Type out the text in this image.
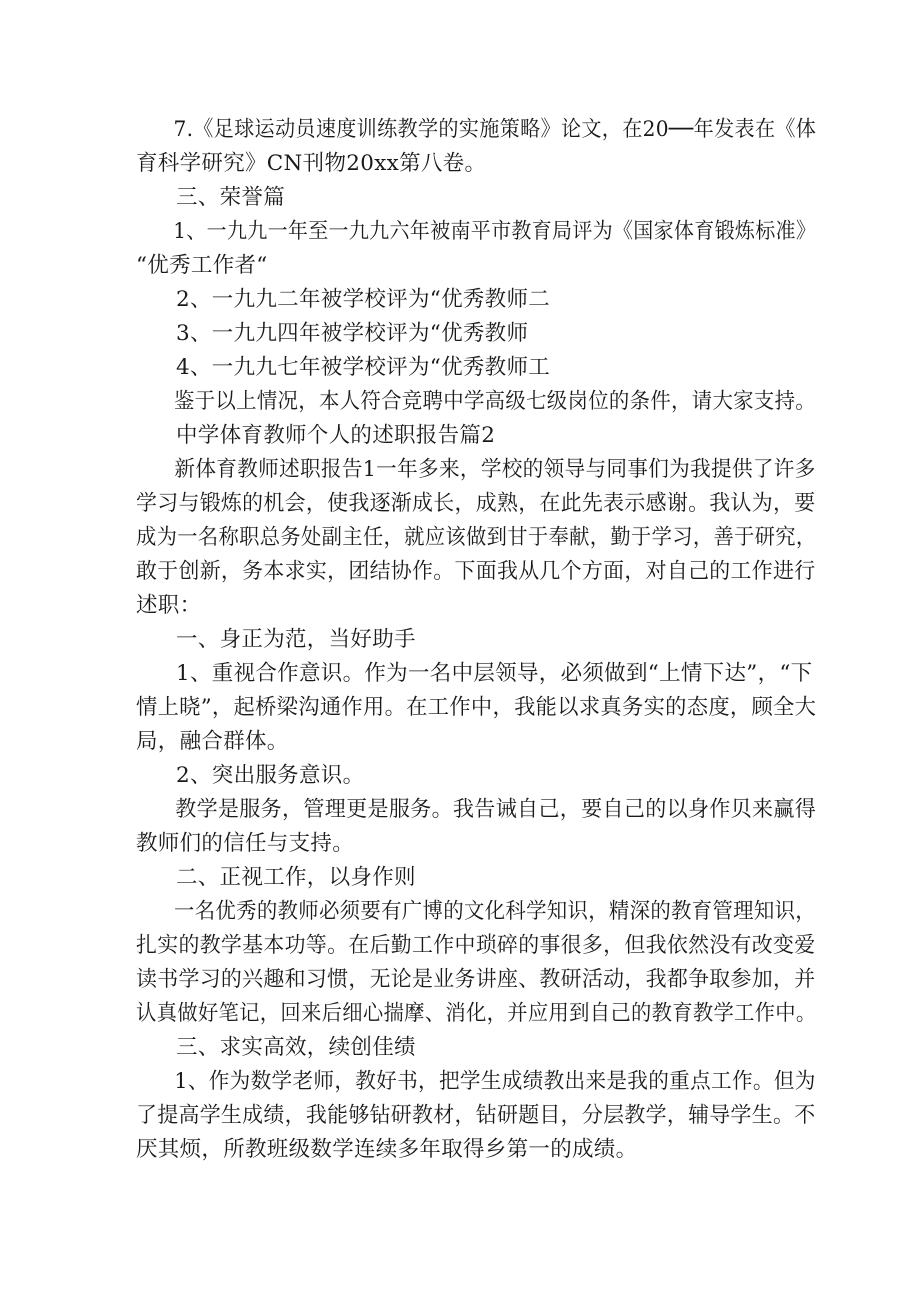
7.《足球运动员速度训练教学的实施策略》论文，在20──年发表在《体
育科学研究》CN刊物20xx第八卷。

三、荣誉篇

1、一九九一年至一九九六年被南平市教育局评为《国家体育锻炼标准》
“优秀工作者“

2、一九九二年被学校评为“优秀教师二

3、一九九四年被学校评为“优秀教师

4、一九九七年被学校评为“优秀教师工

鉴于以上情况，本人符合竞聘中学高级七级岗位的条件，请大家支持。

中学体育教师个人的述职报告篇2

新体育教师述职报告1一年多来，学校的领导与同事们为我提供了许多
学习与锻炼的机会，使我逐渐成长，成熟，在此先表示感谢。我认为，要
成为一名称职总务处副主任，就应该做到甘于奉献，勤于学习，善于研究，
敢于创新，务本求实，团结协作。下面我从几个方面，对自己的工作进行
述职：

一、身正为范，当好助手

1、重视合作意识。作为一名中层领导，必须做到“上情下达”，“下
情上晓”，起桥梁沟通作用。在工作中，我能以求真务实的态度，顾全大
局，融合群体。

2、突出服务意识。

教学是服务，管理更是服务。我告诫自己，要自己的以身作贝来赢得
教师们的信任与支持。

二、正视工作，以身作则

一名优秀的教师必须要有广博的文化科学知识，精深的教育管理知识，
扎实的教学基本功等。在后勤工作中琐碎的事很多，但我依然没有改变爱
读书学习的兴趣和习惯，无论是业务讲座、教研活动，我都争取参加，并
认真做好笔记，回来后细心揣摩、消化，并应用到自己的教育教学工作中。

三、求实高效，续创佳绩

1、作为数学老师，教好书，把学生成绩教出来是我的重点工作。但为
了提高学生成绩，我能够钻研教材，钻研题目，分层教学，辅导学生。不
厌其烦，所教班级数学连续多年取得乡第一的成绩。
